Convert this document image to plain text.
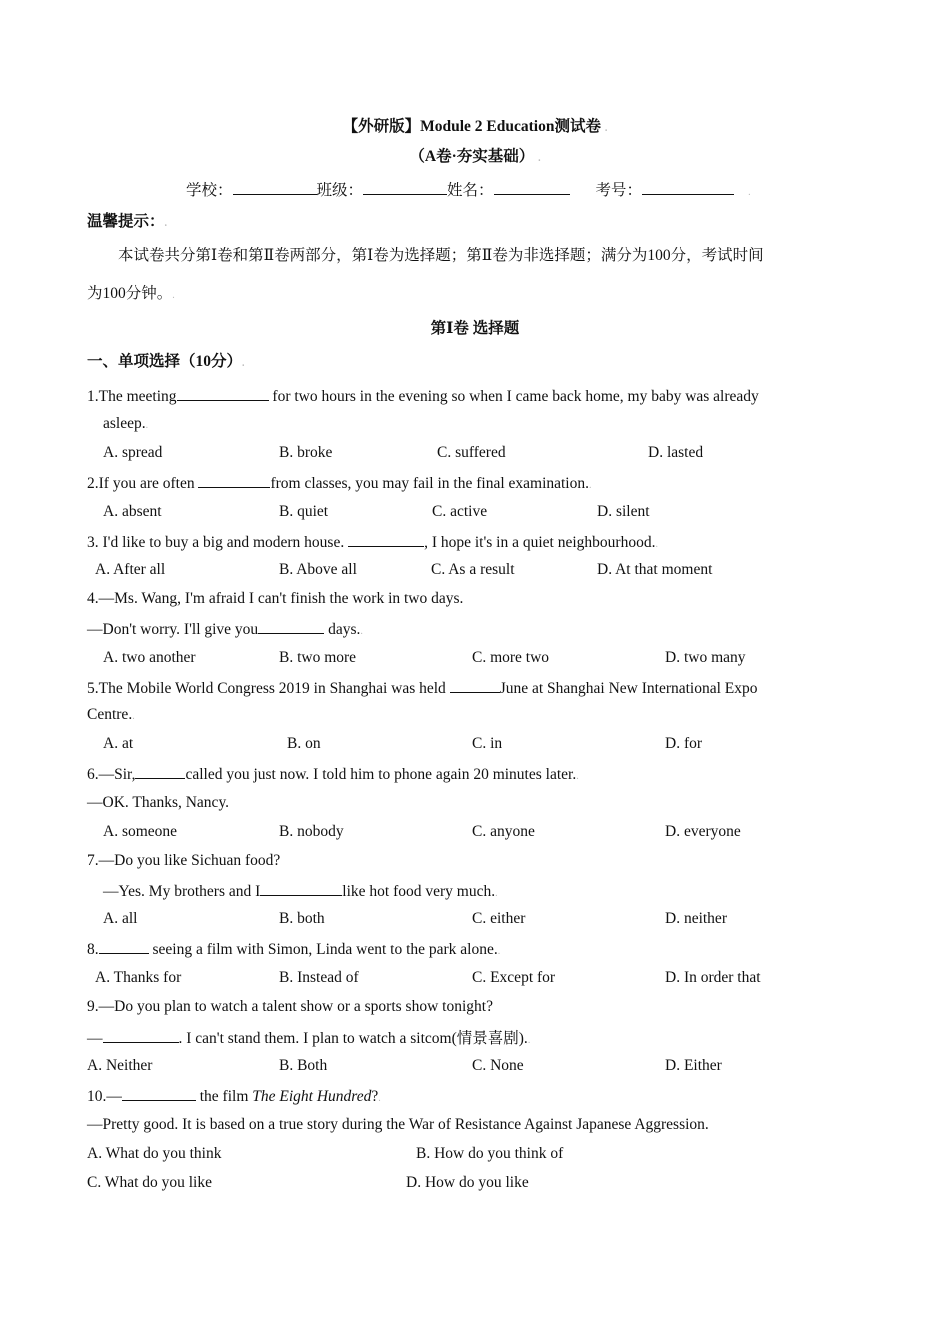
【外研版】Module 2 Education测试卷 .
（A卷·夯实基础） .
学校：	班级：	姓名：	考号：	.
温馨提示：.
本试卷共分第Ⅰ卷和第Ⅱ卷两部分，第Ⅰ卷为选择题；第Ⅱ卷为非选择题；满分为100分，考试时间
为100分钟。.
第Ⅰ卷 选择题
一、单项选择（10分）.
1.The meeting	for two hours in the evening so when I came back home, my baby was already
asleep..
A. spread	B. broke	C. suffered	D. lasted
2.If you are often	from classes, you may fail in the final examination..
A. absent	B. quiet	C. active	D. silent
3. I'd like to buy a big and modern house.	, I hope it's in a quiet neighbourhood..
A. After all	B. Above all	C. As a result	D. At that moment
4.—Ms. Wang, I'm afraid I can't finish the work in two days.
—Don't worry. I'll give you	days..
A. two another	B. two more	C. more two	D. two many
5.The Mobile World Congress 2019 in Shanghai was held	June at Shanghai New International Expo
Centre..
A. at	B. on	C. in	D. for
6.—Sir,	called you just now. I told him to phone again 20 minutes later..
—OK. Thanks, Nancy.
A. someone	B. nobody	C. anyone	D. everyone
7.—Do you like Sichuan food?
—Yes. My brothers and I	like hot food very much..
A. all	B. both	C. either	D. neither
8.	seeing a film with Simon, Linda went to the park alone..
A. Thanks for	B. Instead of	C. Except for	D. In order that
9.—Do you plan to watch a talent show or a sports show tonight?
—	. I can't stand them. I plan to watch a sitcom(情景喜剧)..
A. Neither	B. Both	C. None	D. Either
10.—	the film The Eight Hundred?.
—Pretty good. It is based on a true story during the War of Resistance Against Japanese Aggression.
A. What do you think	B. How do you think of
C. What do you like	D. How do you like
